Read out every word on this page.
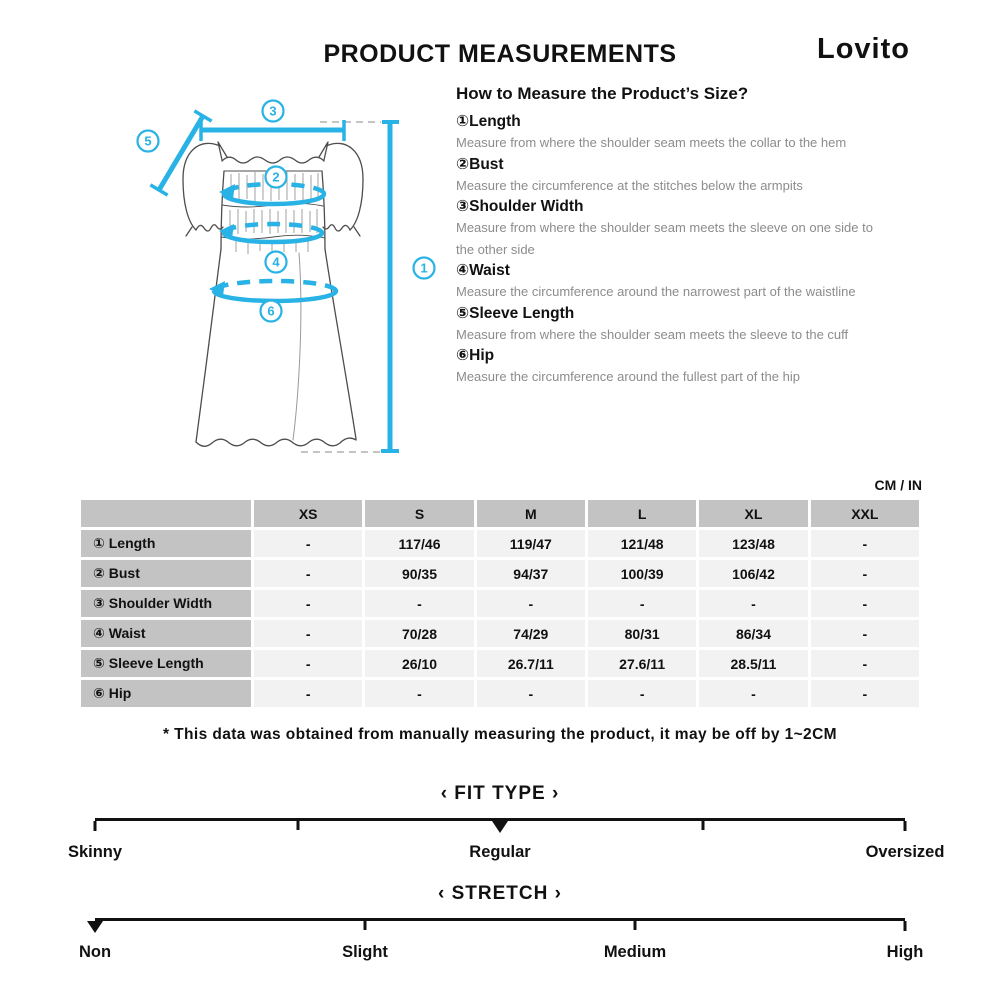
PRODUCT MEASUREMENTS	Lovito
1
2
3
4
5
6
How to Measure the Product’s Size?
①Length
Measure from where the shoulder seam meets the collar to the hem
②Bust
Measure the circumference at the stitches below the armpits
③Shoulder Width
Measure from where the shoulder seam meets the sleeve on one side to the other side
④Waist
Measure the circumference around the narrowest part of the waistline
⑤Sleeve Length
Measure from where the shoulder seam meets the sleeve to the cuff
⑥Hip
Measure the circumference around the fullest part of the hip
CM / IN
	XS	S	M	L	XL	XXL
① Length	-	117/46	119/47	121/48	123/48	-
② Bust	-	90/35	94/37	100/39	106/42	-
③ Shoulder Width	-	-	-	-	-	-
④ Waist	-	70/28	74/29	80/31	86/34	-
⑤ Sleeve Length	-	26/10	26.7/11	27.6/11	28.5/11	-
⑥ Hip	-	-	-	-	-	-
* This data was obtained from manually measuring the product, it may be off by 1~2CM
‹ FIT TYPE ›
Skinny	Regular	Oversized
‹ STRETCH ›
Non	Slight	Medium	High
